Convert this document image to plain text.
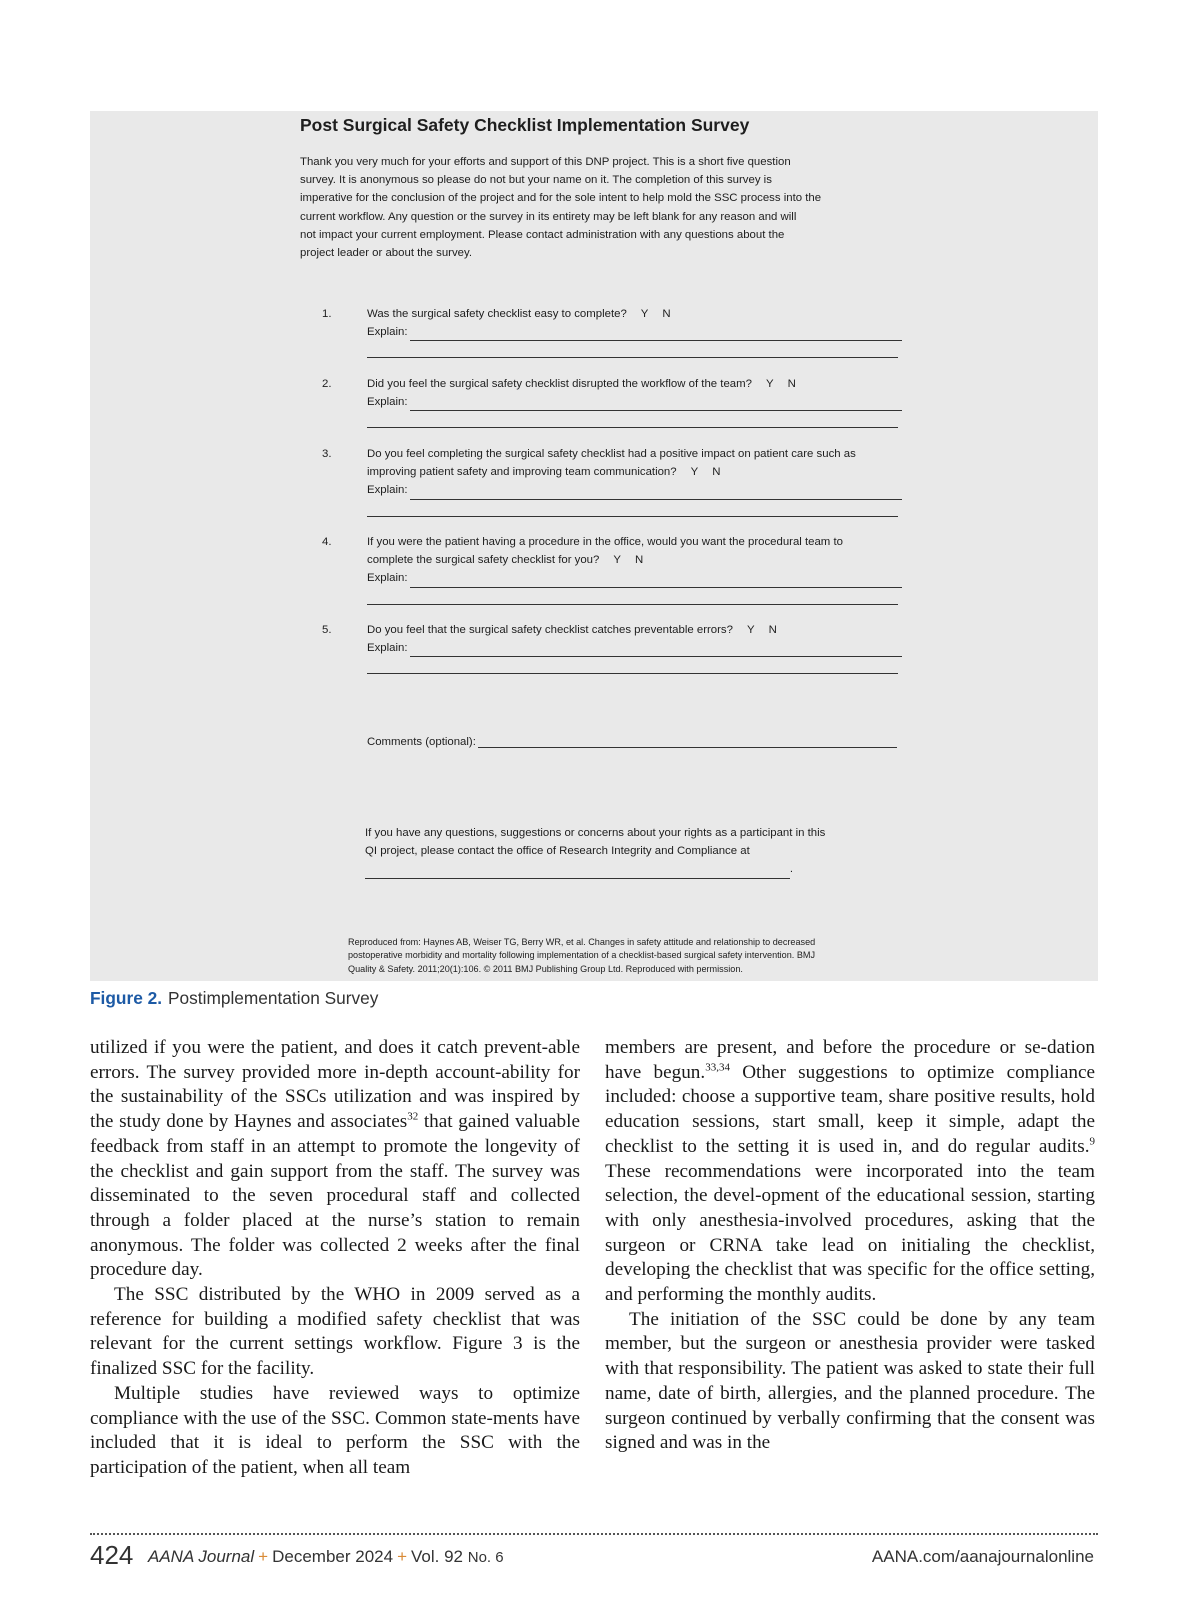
Post Surgical Safety Checklist Implementation Survey
Thank you very much for your efforts and support of this DNP project. This is a short five question
survey. It is anonymous so please do not but your name on it. The completion of this survey is
imperative for the conclusion of the project and for the sole intent to help mold the SSC process into the
current workflow. Any question or the survey in its entirety may be left blank for any reason and will
not impact your current employment. Please contact administration with any questions about the
project leader or about the survey.
1.	Was the surgical safety checklist easy to complete? Y N
Explain:
2.	Did you feel the surgical safety checklist disrupted the workflow of the team? Y N
Explain:
3.	Do you feel completing the surgical safety checklist had a positive impact on patient care such as
improving patient safety and improving team communication? Y N
Explain:
4.	If you were the patient having a procedure in the office, would you want the procedural team to
complete the surgical safety checklist for you? Y N
Explain:
5.	Do you feel that the surgical safety checklist catches preventable errors? Y N
Explain:
Comments (optional):
If you have any questions, suggestions or concerns about your rights as a participant in this
QI project, please contact the office of Research Integrity and Compliance at
.
Reproduced from: Haynes AB, Weiser TG, Berry WR, et al. Changes in safety attitude and relationship to decreased
postoperative morbidity and mortality following implementation of a checklist-based surgical safety intervention. BMJ
Quality & Safety. 2011;20(1):106. © 2011 BMJ Publishing Group Ltd. Reproduced with permission.
Figure 2. Postimplementation Survey

utilized if you were the patient, and does it catch prevent-able errors. The survey provided more in-depth account-ability for the sustainability of the SSCs utilization and was inspired by the study done by Haynes and associates$^{32}$ that gained valuable feedback from staff in an attempt to promote the longevity of the checklist and gain support from the staff. The survey was disseminated to the seven procedural staff and collected through a folder placed at the nurse’s station to remain anonymous. The folder was collected 2 weeks after the final procedure day.

The SSC distributed by the WHO in 2009 served as a reference for building a modified safety checklist that was relevant for the current settings workflow. Figure 3 is the finalized SSC for the facility.

Multiple studies have reviewed ways to optimize compliance with the use of the SSC. Common state-ments have included that it is ideal to perform the SSC with the participation of the patient, when all team

members are present, and before the procedure or se-dation have begun.$^{33,34}$ Other suggestions to optimize compliance included: choose a supportive team, share positive results, hold education sessions, start small, keep it simple, adapt the checklist to the setting it is used in, and do regular audits.$^9$ These recommendations were incorporated into the team selection, the devel-opment of the educational session, starting with only anesthesia-involved procedures, asking that the surgeon or CRNA take lead on initialing the checklist, developing the checklist that was specific for the office setting, and performing the monthly audits.

The initiation of the SSC could be done by any team member, but the surgeon or anesthesia provider were tasked with that responsibility. The patient was asked to state their full name, date of birth, allergies, and the planned procedure. The surgeon continued by verbally confirming that the consent was signed and was in the

424 AANA Journal + December 2024 + Vol. 92 No. 6	AANA.com/aanajournalonline
